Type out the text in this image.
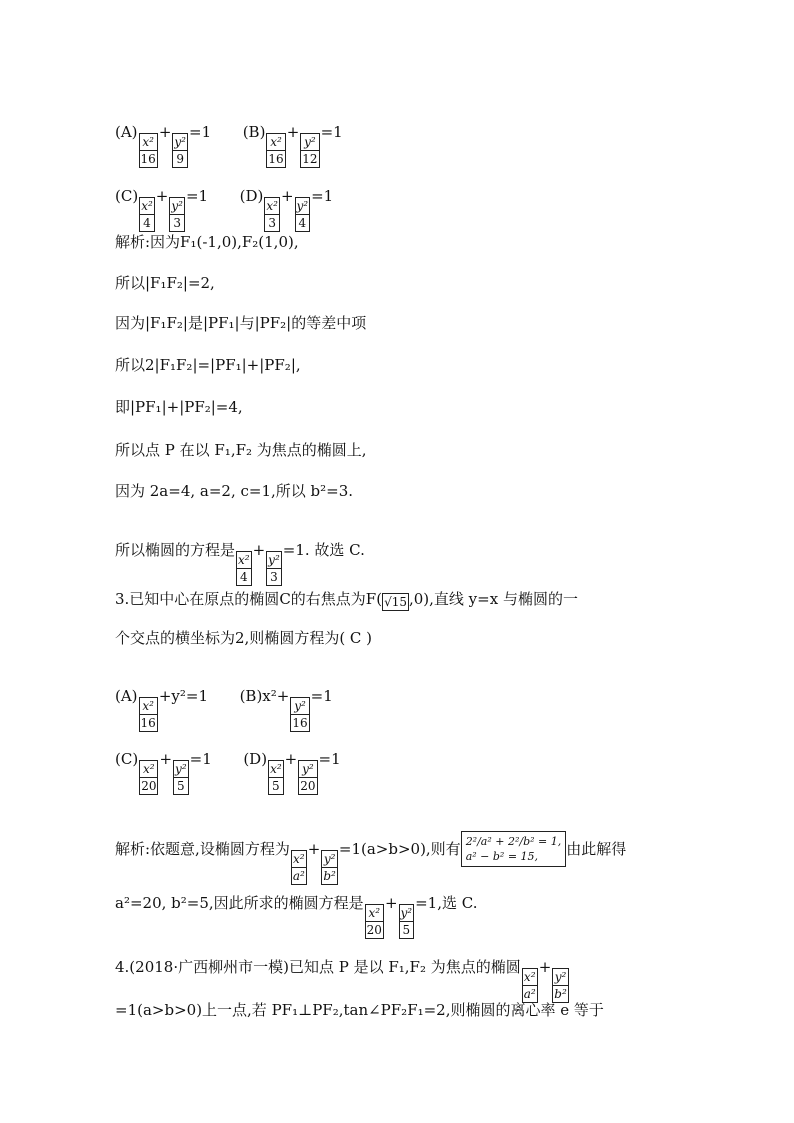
(A)
$\frac{\text{x²}}{16}$
+
$\frac{\text{y²}}{9}$
=1 (B)
$\frac{\text{x²}}{16}$
+
$\frac{\text{y²}}{12}$
=1
(C)
$\frac{\text{x²}}{4}$
+
$\frac{\text{y²}}{3}$
=1 (D)
$\frac{\text{x²}}{3}$
+
$\frac{\text{y²}}{4}$
=1
解析:因为F₁(-1,0),F₂(1,0),
所以|F₁F₂|=2,
因为|F₁F₂|是|PF₁|与|PF₂|的等差中项
所以2|F₁F₂|=|PF₁|+|PF₂|,
即|PF₁|+|PF₂|=4,
所以点 P 在以 F₁,F₂ 为焦点的椭圆上,
因为 2a=4, a=2, c=1,所以 b²=3.
所以椭圆的方程是
$\frac{\text{x²}}{4}$
+
$\frac{\text{y²}}{3}$
=1. 故选 C.
3.已知中心在原点的椭圆C的右焦点为F( √15 ,0),直线 y=x 与椭圆的一
个交点的横坐标为2,则椭圆方程为( C )
(A)
$\frac{\text{x²}}{16}$
+y²=1 (B)x²+
$\frac{\text{y²}}{16}$
=1
(C)
$\frac{\text{x²}}{20}$
+
$\frac{\text{y²}}{5}$
=1 (D)
$\frac{\text{x²}}{5}$
+
$\frac{\text{y²}}{20}$
=1
解析:依题意,设椭圆方程为
$\frac{\text{x²}}{\text{a²}}$
+
$\frac{\text{y²}}{\text{b²}}$
=1(a>b>0),则有 2²/a² + 2²/b² = 1,
a² − b² = 15,	由此解得
a²=20, b²=5,因此所求的椭圆方程是
$\frac{\text{x²}}{20}$
+
$\frac{\text{y²}}{5}$
=1,选 C.
4.(2018·广西柳州市一模)已知点 P 是以 F₁,F₂ 为焦点的椭圆
$\frac{\text{x²}}{\text{a²}}$
+
$\frac{\text{y²}}{\text{b²}}$
=1(a>b>0)上一点,若 PF₁⊥PF₂,tan∠PF₂F₁=2,则椭圆的离心率 e 等于
